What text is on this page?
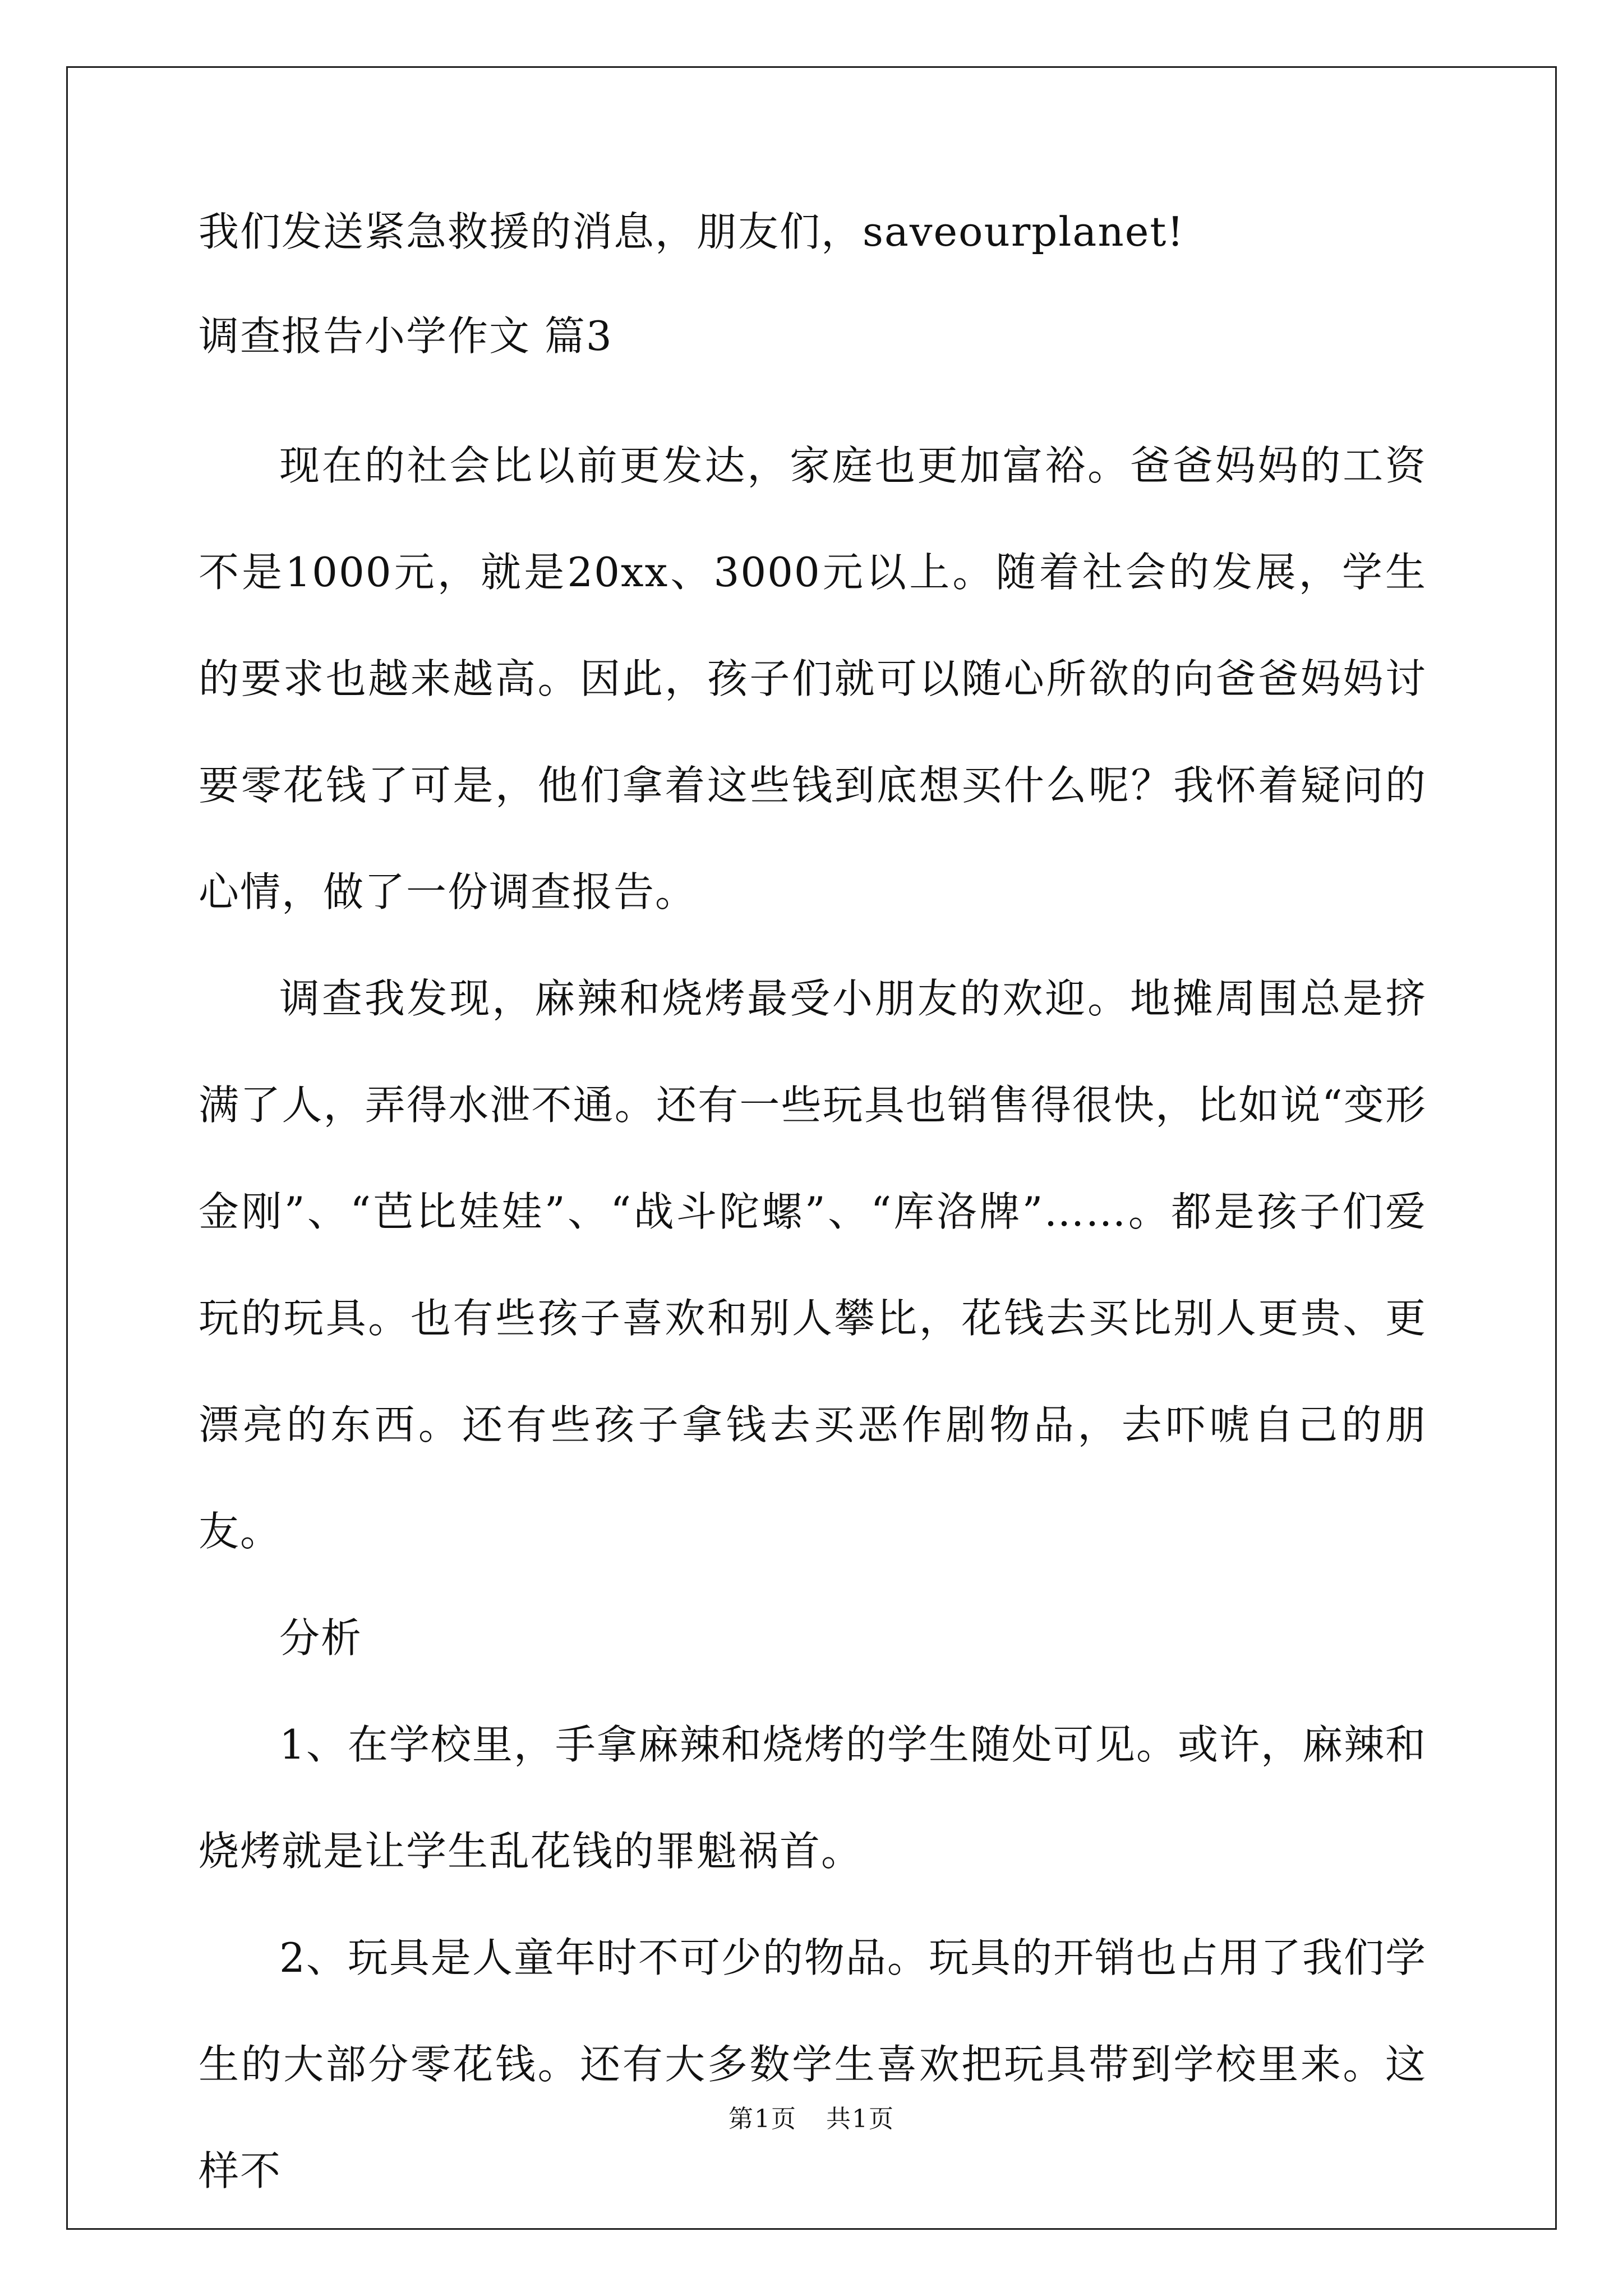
我们发送紧急救援的消息，朋友们，saveourplanet!

调查报告小学作文 篇3

现在的社会比以前更发达，家庭也更加富裕。爸爸妈妈的工资不是1000元，就是20xx、3000元以上。随着社会的发展，学生的要求也越来越高。因此，孩子们就可以随心所欲的向爸爸妈妈讨要零花钱了可是，他们拿着这些钱到底想买什么呢？我怀着疑问的心情，做了一份调查报告。

调查我发现，麻辣和烧烤最受小朋友的欢迎。地摊周围总是挤满了人，弄得水泄不通。还有一些玩具也销售得很快，比如说“变形金刚”、“芭比娃娃”、“战斗陀螺”、“库洛牌”……。都是孩子们爱玩的玩具。也有些孩子喜欢和别人攀比，花钱去买比别人更贵、更漂亮的东西。还有些孩子拿钱去买恶作剧物品，去吓唬自己的朋友。

分析

1、在学校里，手拿麻辣和烧烤的学生随处可见。或许，麻辣和烧烤就是让学生乱花钱的罪魁祸首。

2、玩具是人童年时不可少的物品。玩具的开销也占用了我们学生的大部分零花钱。还有大多数学生喜欢把玩具带到学校里来。这样不

第1页 共1页
